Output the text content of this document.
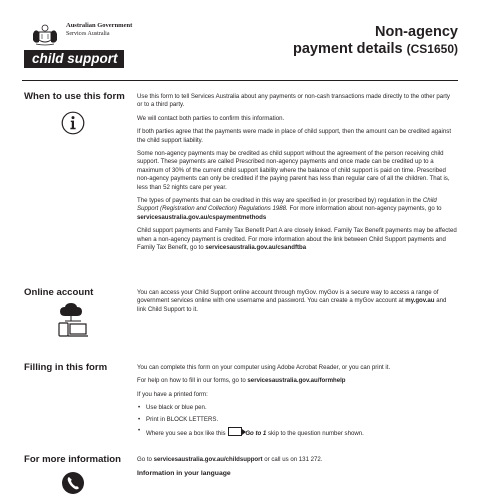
Australian Government
Services Australia
child support
Non-agency
payment details (CS1650)
When to use this form Use this form to tell Services Australia about any payments or non-cash transactions made directly to the other party or to a third party.

We will contact both parties to confirm this information.

If both parties agree that the payments were made in place of child support, then the amount can be credited against the child support liability.

Some non-agency payments may be credited as child support without the agreement of the person receiving child support. These payments are called Prescribed non-agency payments and once made can be credited up to a maximum of 30% of the current child support liability where the balance of child support is paid on time. Prescribed non-agency payments can only be credited if the paying parent has less than regular care of all the children. That is, less than 52 nights care per year.

The types of payments that can be credited in this way are specified in (or prescribed by) regulation in the Child Support (Registration and Collection) Regulations 1988. For more information about non-agency payments, go to servicesaustralia.gov.au/cspaymentmethods

Child support payments and Family Tax Benefit Part A are closely linked. Family Tax Benefit payments may be affected when a non-agency payment is credited. For more information about the link between Child Support payments and Family Tax Benefit, go to servicesaustralia.gov.au/csandftba

Online account	You can access your Child Support online account through myGov. myGov is a secure way to access a range of government services online with one username and password. You can create a myGov account at my.gov.au and link Child Support to it.

Filling in this form	You can complete this form on your computer using Adobe Acrobat Reader, or you can print it.

For help on how to fill in our forms, go to servicesaustralia.gov.au/formhelp

If you have a printed form:

• Use black or blue pen.
• Print in BLOCK LETTERS.
• Where you see a box like this	Go to 1 skip to the question number shown.
For more information	Go to servicesaustralia.gov.au/childsupport or call us on 131 272.

Information in your language
